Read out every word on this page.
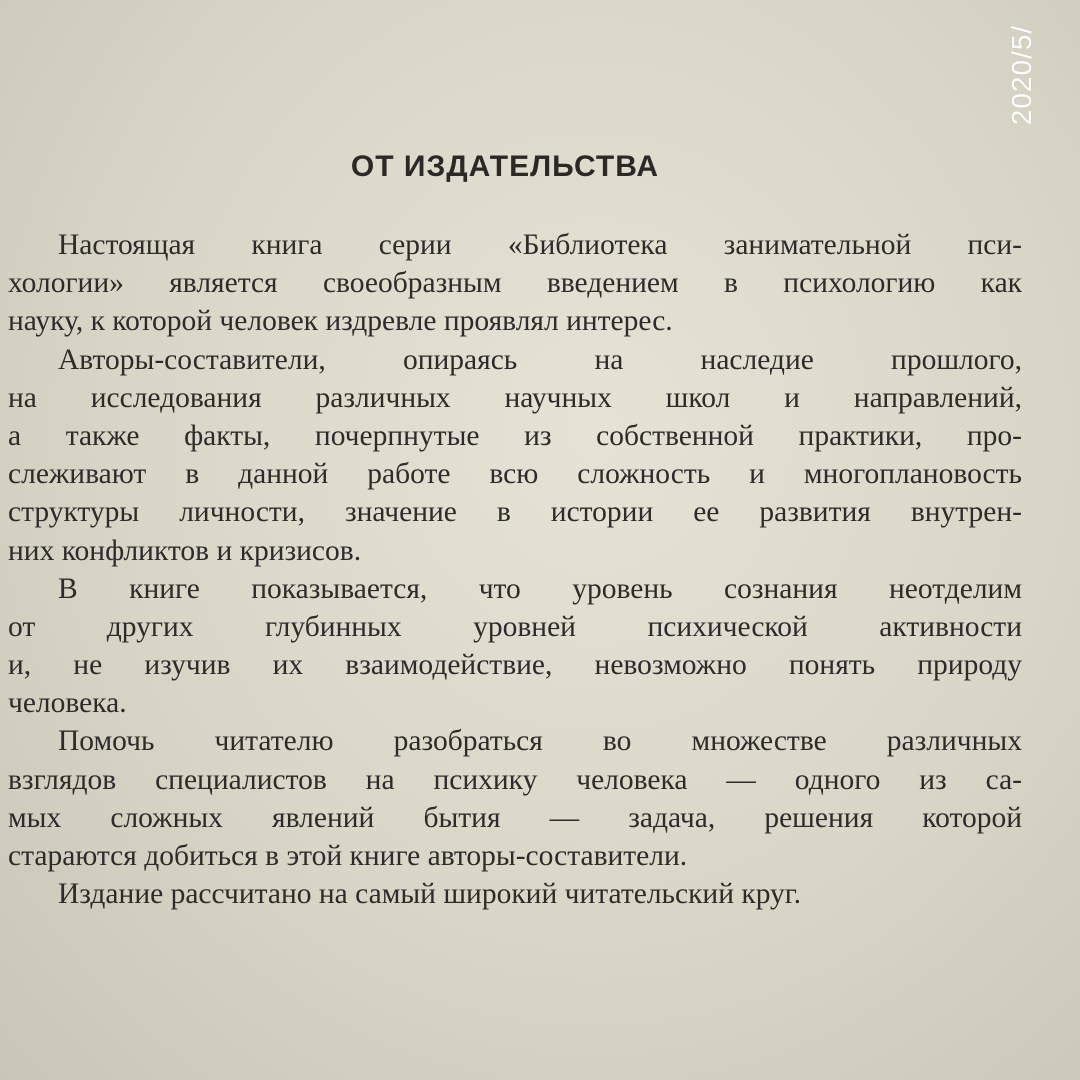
ОТ ИЗДАТЕЛЬСТВА
Настоящая книга серии «Библиотека занимательной пси-
хологии» является своеобразным введением в психологию как
науку, к которой человек издревле проявлял интерес.
Авторы-составители, опираясь на наследие прошлого,
на исследования различных научных школ и направлений,
а также факты, почерпнутые из собственной практики, про-
слеживают в данной работе всю сложность и многоплановость
структуры личности, значение в истории ее развития внутрен-
них конфликтов и кризисов.
В книге показывается, что уровень сознания неотделим
от других глубинных уровней психической активности
и, не изучив их взаимодействие, невозможно понять природу
человека.
Помочь читателю разобраться во множестве различных
взглядов специалистов на психику человека — одного из са-
мых сложных явлений бытия — задача, решения которой
стараются добиться в этой книге авторы-составители.
Издание рассчитано на самый широкий читательский круг.
2020/5/
